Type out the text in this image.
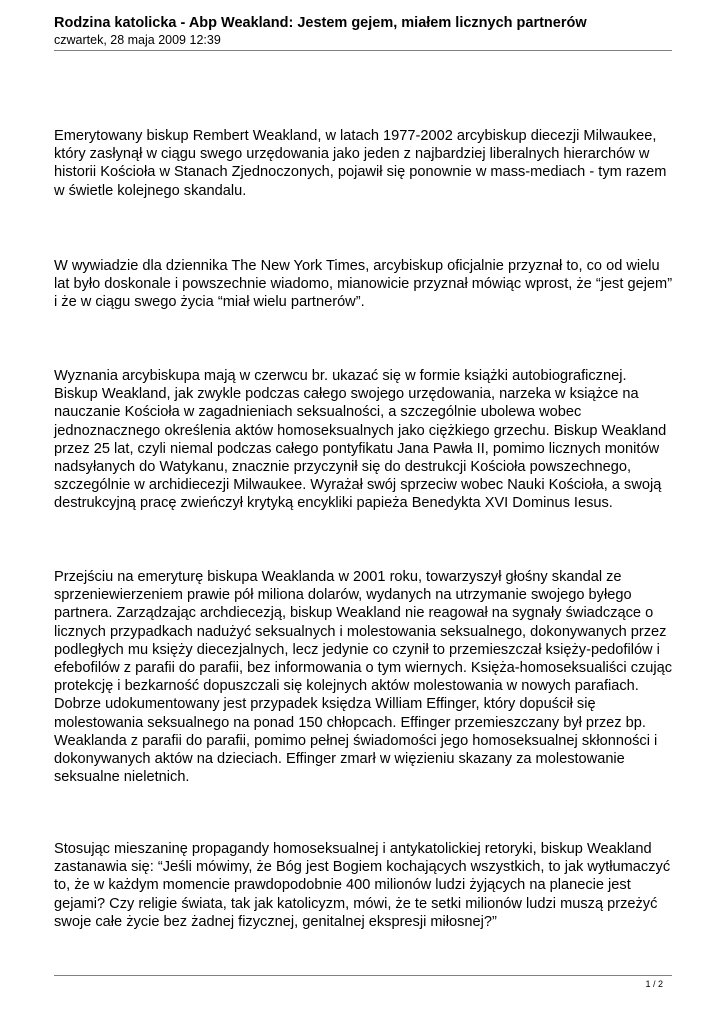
Rodzina katolicka - Abp Weakland: Jestem gejem, miałem licznych partnerów
czwartek, 28 maja 2009 12:39

Emerytowany biskup Rembert Weakland, w latach 1977-2002 arcybiskup diecezji Milwaukee, który zasłynął w ciągu swego urzędowania jako jeden z najbardziej liberalnych hierarchów w historii Kościoła w Stanach Zjednoczonych, pojawił się ponownie w mass-mediach - tym razem w świetle kolejnego skandalu.

W wywiadzie dla dziennika The New York Times, arcybiskup oficjalnie przyznał to, co od wielu lat było doskonale i powszechnie wiadomo, mianowicie przyznał mówiąc wprost, że “jest gejem” i że w ciągu swego życia “miał wielu partnerów”.

Wyznania arcybiskupa mają w czerwcu br. ukazać się w formie książki autobiograficznej. Biskup Weakland, jak zwykle podczas całego swojego urzędowania, narzeka w książce na nauczanie Kościoła w zagadnieniach seksualności, a szczególnie ubolewa wobec jednoznacznego określenia aktów homoseksualnych jako ciężkiego grzechu. Biskup Weakland przez 25 lat, czyli niemal podczas całego pontyfikatu Jana Pawła II, pomimo licznych monitów nadsyłanych do Watykanu, znacznie przyczynił się do destrukcji Kościoła powszechnego, szczególnie w archidiecezji Milwaukee. Wyrażał swój sprzeciw wobec Nauki Kościoła, a swoją destrukcyjną pracę zwieńczył krytyką encykliki papieża Benedykta XVI Dominus Iesus.

Przejściu na emeryturę biskupa Weaklanda w 2001 roku, towarzyszył głośny skandal ze sprzeniewierzeniem prawie pół miliona dolarów, wydanych na utrzymanie swojego byłego partnera. Zarządzając archdiecezją, biskup Weakland nie reagował na sygnały świadczące o licznych przypadkach nadużyć seksualnych i molestowania seksualnego, dokonywanych przez podległych mu księży diecezjalnych, lecz jedynie co czynił to przemieszczał księży-pedofilów i efebofilów z parafii do parafii, bez informowania o tym wiernych. Księża-homoseksualiści czując protekcję i bezkarność dopuszczali się kolejnych aktów molestowania w nowych parafiach. Dobrze udokumentowany jest przypadek księdza William Effinger, który dopuścił się molestowania seksualnego na ponad 150 chłopcach. Effinger przemieszczany był przez bp. Weaklanda z parafii do parafii, pomimo pełnej świadomości jego homoseksualnej skłonności i dokonywanych aktów na dzieciach. Effinger zmarł w więzieniu skazany za molestowanie seksualne nieletnich.

Stosując mieszaninę propagandy homoseksualnej i antykatolickiej retoryki, biskup Weakland zastanawia się: “Jeśli mówimy, że Bóg jest Bogiem kochających wszystkich, to jak wytłumaczyć to, że w każdym momencie prawdopodobnie 400 milionów ludzi żyjących na planecie jest gejami? Czy religie świata, tak jak katolicyzm, mówi, że te setki milionów ludzi muszą przeżyć swoje całe życie bez żadnej fizycznej, genitalnej ekspresji miłosnej?”

1 / 2
